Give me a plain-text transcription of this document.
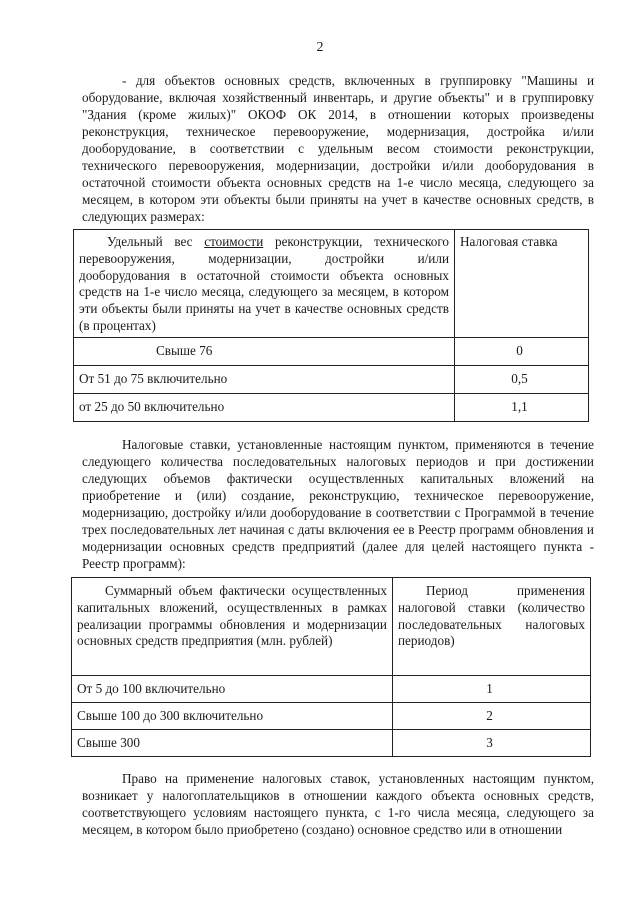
2

- для объектов основных средств, включенных в группировку "Машины и оборудование, включая хозяйственный инвентарь, и другие объекты" и в группировку "Здания (кроме жилых)" ОКОФ ОК 2014, в отношении которых произведены реконструкция, техническое перевооружение, модернизация, достройка и/или дооборудование, в соответствии с удельным весом стоимости реконструкции, технического перевооружения, модернизации, достройки и/или дооборудования в остаточной стоимости объекта основных средств на 1-е число месяца, следующего за месяцем, в котором эти объекты были приняты на учет в качестве основных средств, в следующих размерах:

Удельный вес стоимости реконструкции, технического перевооружения, модернизации, достройки и/или дооборудования в остаточной стоимости объекта основных средств на 1-е число месяца, следующего за месяцем, в котором эти объекты были приняты на учет в качестве основных средств (в процентах)	Налоговая ставка
Свыше 76	0
От 51 до 75 включительно	0,5
от 25 до 50 включительно	1,1

Налоговые ставки, установленные настоящим пунктом, применяются в течение следующего количества последовательных налоговых периодов и при достижении следующих объемов фактически осуществленных капитальных вложений на приобретение и (или) создание, реконструкцию, техническое перевооружение, модернизацию, достройку и/или дооборудование в соответствии с Программой в течение трех последовательных лет начиная с даты включения ее в Реестр программ обновления и модернизации основных средств предприятий (далее для целей настоящего пункта - Реестр программ):

Суммарный объем фактически осуществленных капитальных вложений, осуществленных в рамках реализации программы обновления и модернизации основных средств предприятия (млн. рублей)	Период применения налоговой ставки (количество последовательных налоговых периодов)
От 5 до 100 включительно	1
Свыше 100 до 300 включительно	2
Свыше 300	3

Право на применение налоговых ставок, установленных настоящим пунктом, возникает у налогоплательщиков в отношении каждого объекта основных средств, соответствующего условиям настоящего пункта, с 1-го числа месяца, следующего за месяцем, в котором было приобретено (создано) основное средство или в отношении
